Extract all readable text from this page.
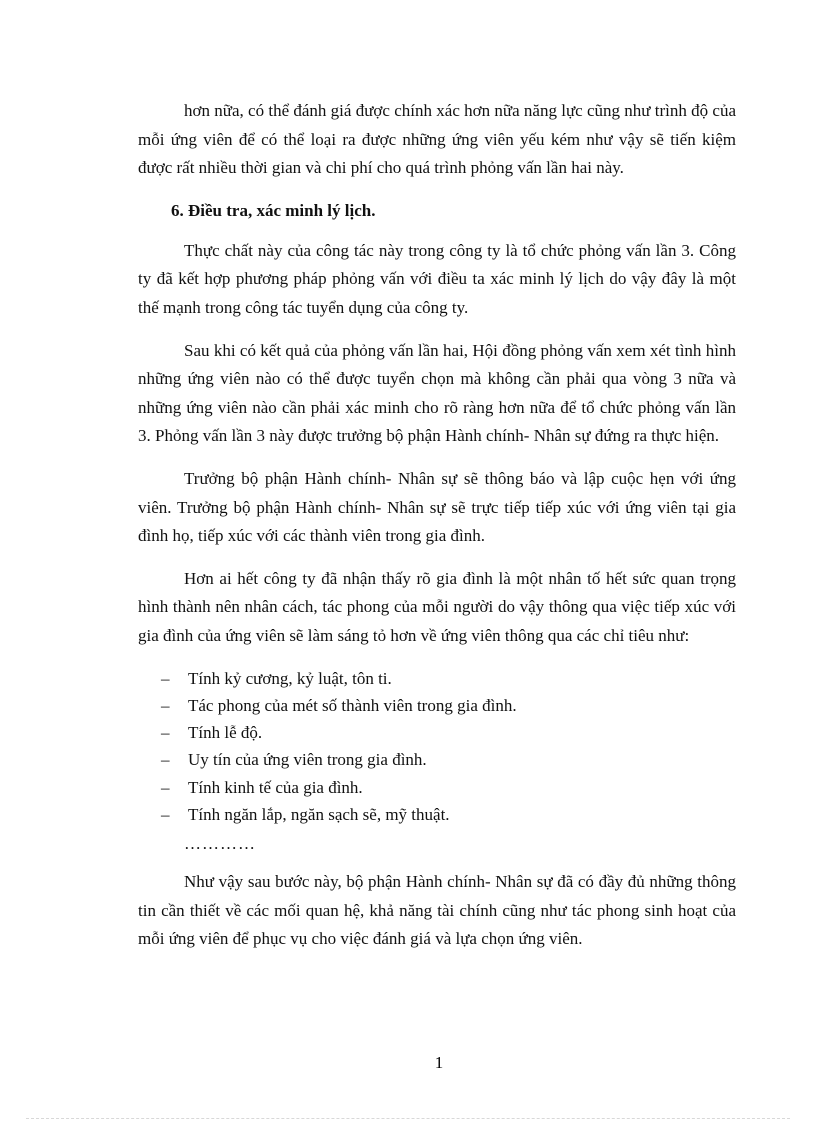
hơn nữa, có thể đánh giá được chính xác hơn nữa năng lực cũng như trình độ của mỗi ứng viên để có thể loại ra được những ứng viên yếu kém như vậy sẽ tiến kiệm được rất nhiều thời gian và chi phí cho quá trình phỏng vấn lần hai này.

6. Điều tra, xác minh lý lịch.

Thực chất này của công tác này trong công ty là tổ chức phỏng vấn lần 3. Công ty đã kết hợp phương pháp phỏng vấn với điều ta xác minh lý lịch do vậy đây là một thế mạnh trong công tác tuyển dụng của công ty.

Sau khi có kết quả của phỏng vấn lần hai, Hội đồng phỏng vấn xem xét tình hình những ứng viên nào có thể được tuyển chọn mà không cần phải qua vòng 3 nữa và những ứng viên nào cần phải xác minh cho rõ ràng hơn nữa để tổ chức phỏng vấn lần 3. Phỏng vấn lần 3 này được trưởng bộ phận Hành chính- Nhân sự đứng ra thực hiện.

Trưởng bộ phận Hành chính- Nhân sự sẽ thông báo và lập cuộc hẹn với ứng viên. Trưởng bộ phận Hành chính- Nhân sự sẽ trực tiếp tiếp xúc với ứng viên tại gia đình họ, tiếp xúc với các thành viên trong gia đình.

Hơn ai hết công ty đã nhận thấy rõ gia đình là một nhân tố hết sức quan trọng hình thành nên nhân cách, tác phong của mỗi người do vậy thông qua việc tiếp xúc với gia đình của ứng viên sẽ làm sáng tỏ hơn về ứng viên thông qua các chỉ tiêu như:

– Tính kỷ cương, kỷ luật, tôn ti.
– Tác phong của mét số thành viên trong gia đình.
– Tính lễ độ.
– Uy tín của ứng viên trong gia đình.
– Tính kinh tế của gia đình.
– Tính ngăn lắp, ngăn sạch sẽ, mỹ thuật.
…………

Như vậy sau bước này, bộ phận Hành chính- Nhân sự đã có đầy đủ những thông tin cần thiết về các mối quan hệ, khả năng tài chính cũng như tác phong sinh hoạt của mỗi ứng viên để phục vụ cho việc đánh giá và lựa chọn ứng viên.

1
